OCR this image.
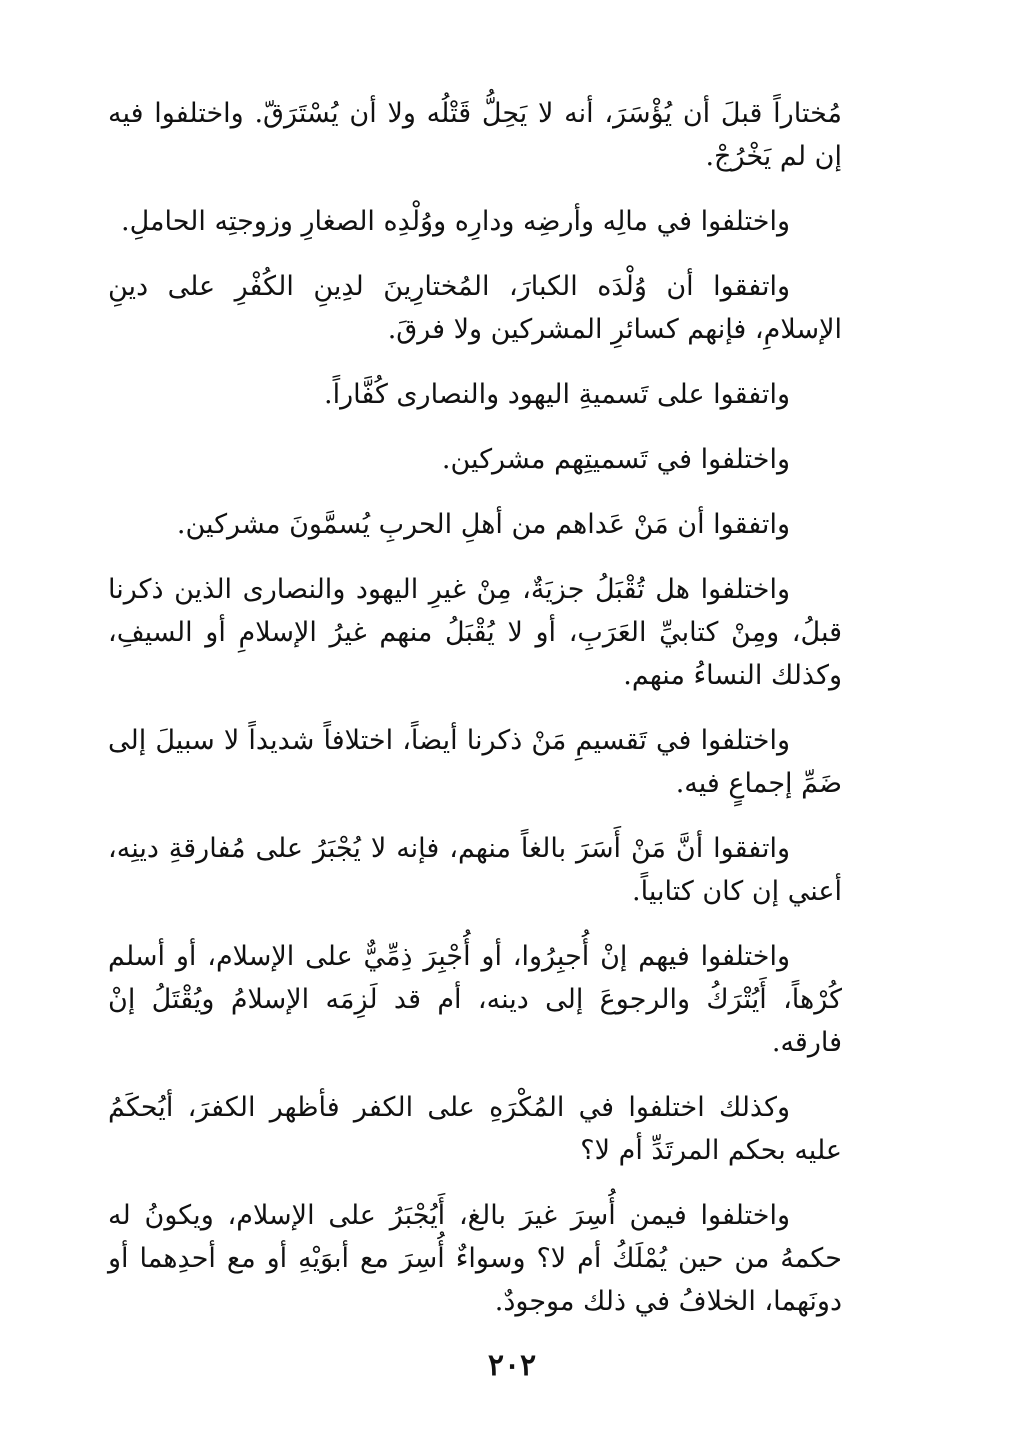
مُختاراً قبلَ أن يُؤْسَرَ، أنه لا يَحِلُّ قَتْلُه ولا أن يُسْتَرَقّ. واختلفوا فيه إن لم يَخْرُجْ.

واختلفوا في مالِه وأرضِه ودارِه ووُلْدِه الصغارِ وزوجتِه الحاملِ.

واتفقوا أن وُلْدَه الكبارَ، المُختارِينَ لدِينِ الكُفْرِ على دينِ الإسلامِ، فإنهم كسائرِ المشركين ولا فرقَ.

واتفقوا على تَسميةِ اليهود والنصارى كُفَّاراً.

واختلفوا في تَسميتِهم مشركين.

واتفقوا أن مَنْ عَداهم من أهلِ الحربِ يُسمَّونَ مشركين.

واختلفوا هل تُقْبَلُ جزيَةٌ، مِنْ غيرِ اليهود والنصارى الذين ذكرنا قبلُ، ومِنْ كتابيِّ العَرَبِ، أو لا يُقْبَلُ منهم غيرُ الإسلامِ أو السيفِ، وكذلك النساءُ منهم.

واختلفوا في تَقسيمِ مَنْ ذكرنا أيضاً، اختلافاً شديداً لا سبيلَ إلى ضَمِّ إجماعٍ فيه.

واتفقوا أنَّ مَنْ أَسَرَ بالغاً منهم، فإنه لا يُجْبَرُ على مُفارقةِ دينِه، أعني إن كان كتابياً.

واختلفوا فيهم إنْ أُجبِرُوا، أو أُجْبِرَ ذِمِّيٌّ على الإسلام، أو أسلم كُرْهاً، أَيُتْرَكُ والرجوعَ إلى دينه، أم قد لَزِمَه الإسلامُ ويُقْتَلُ إنْ فارقه.

وكذلك اختلفوا في المُكْرَهِ على الكفر فأظهر الكفرَ، أيُحكَمُ عليه بحكم المرتَدِّ أم لا؟

واختلفوا فيمن أُسِرَ غيرَ بالغ، أَيُجْبَرُ على الإسلام، ويكونُ له حكمهُ من حين يُمْلَكُ أم لا؟ وسواءٌ أُسِرَ مع أبوَيْهِ أو مع أحدِهما أو دونَهما، الخلافُ في ذلك موجودٌ.

٢٠٢
